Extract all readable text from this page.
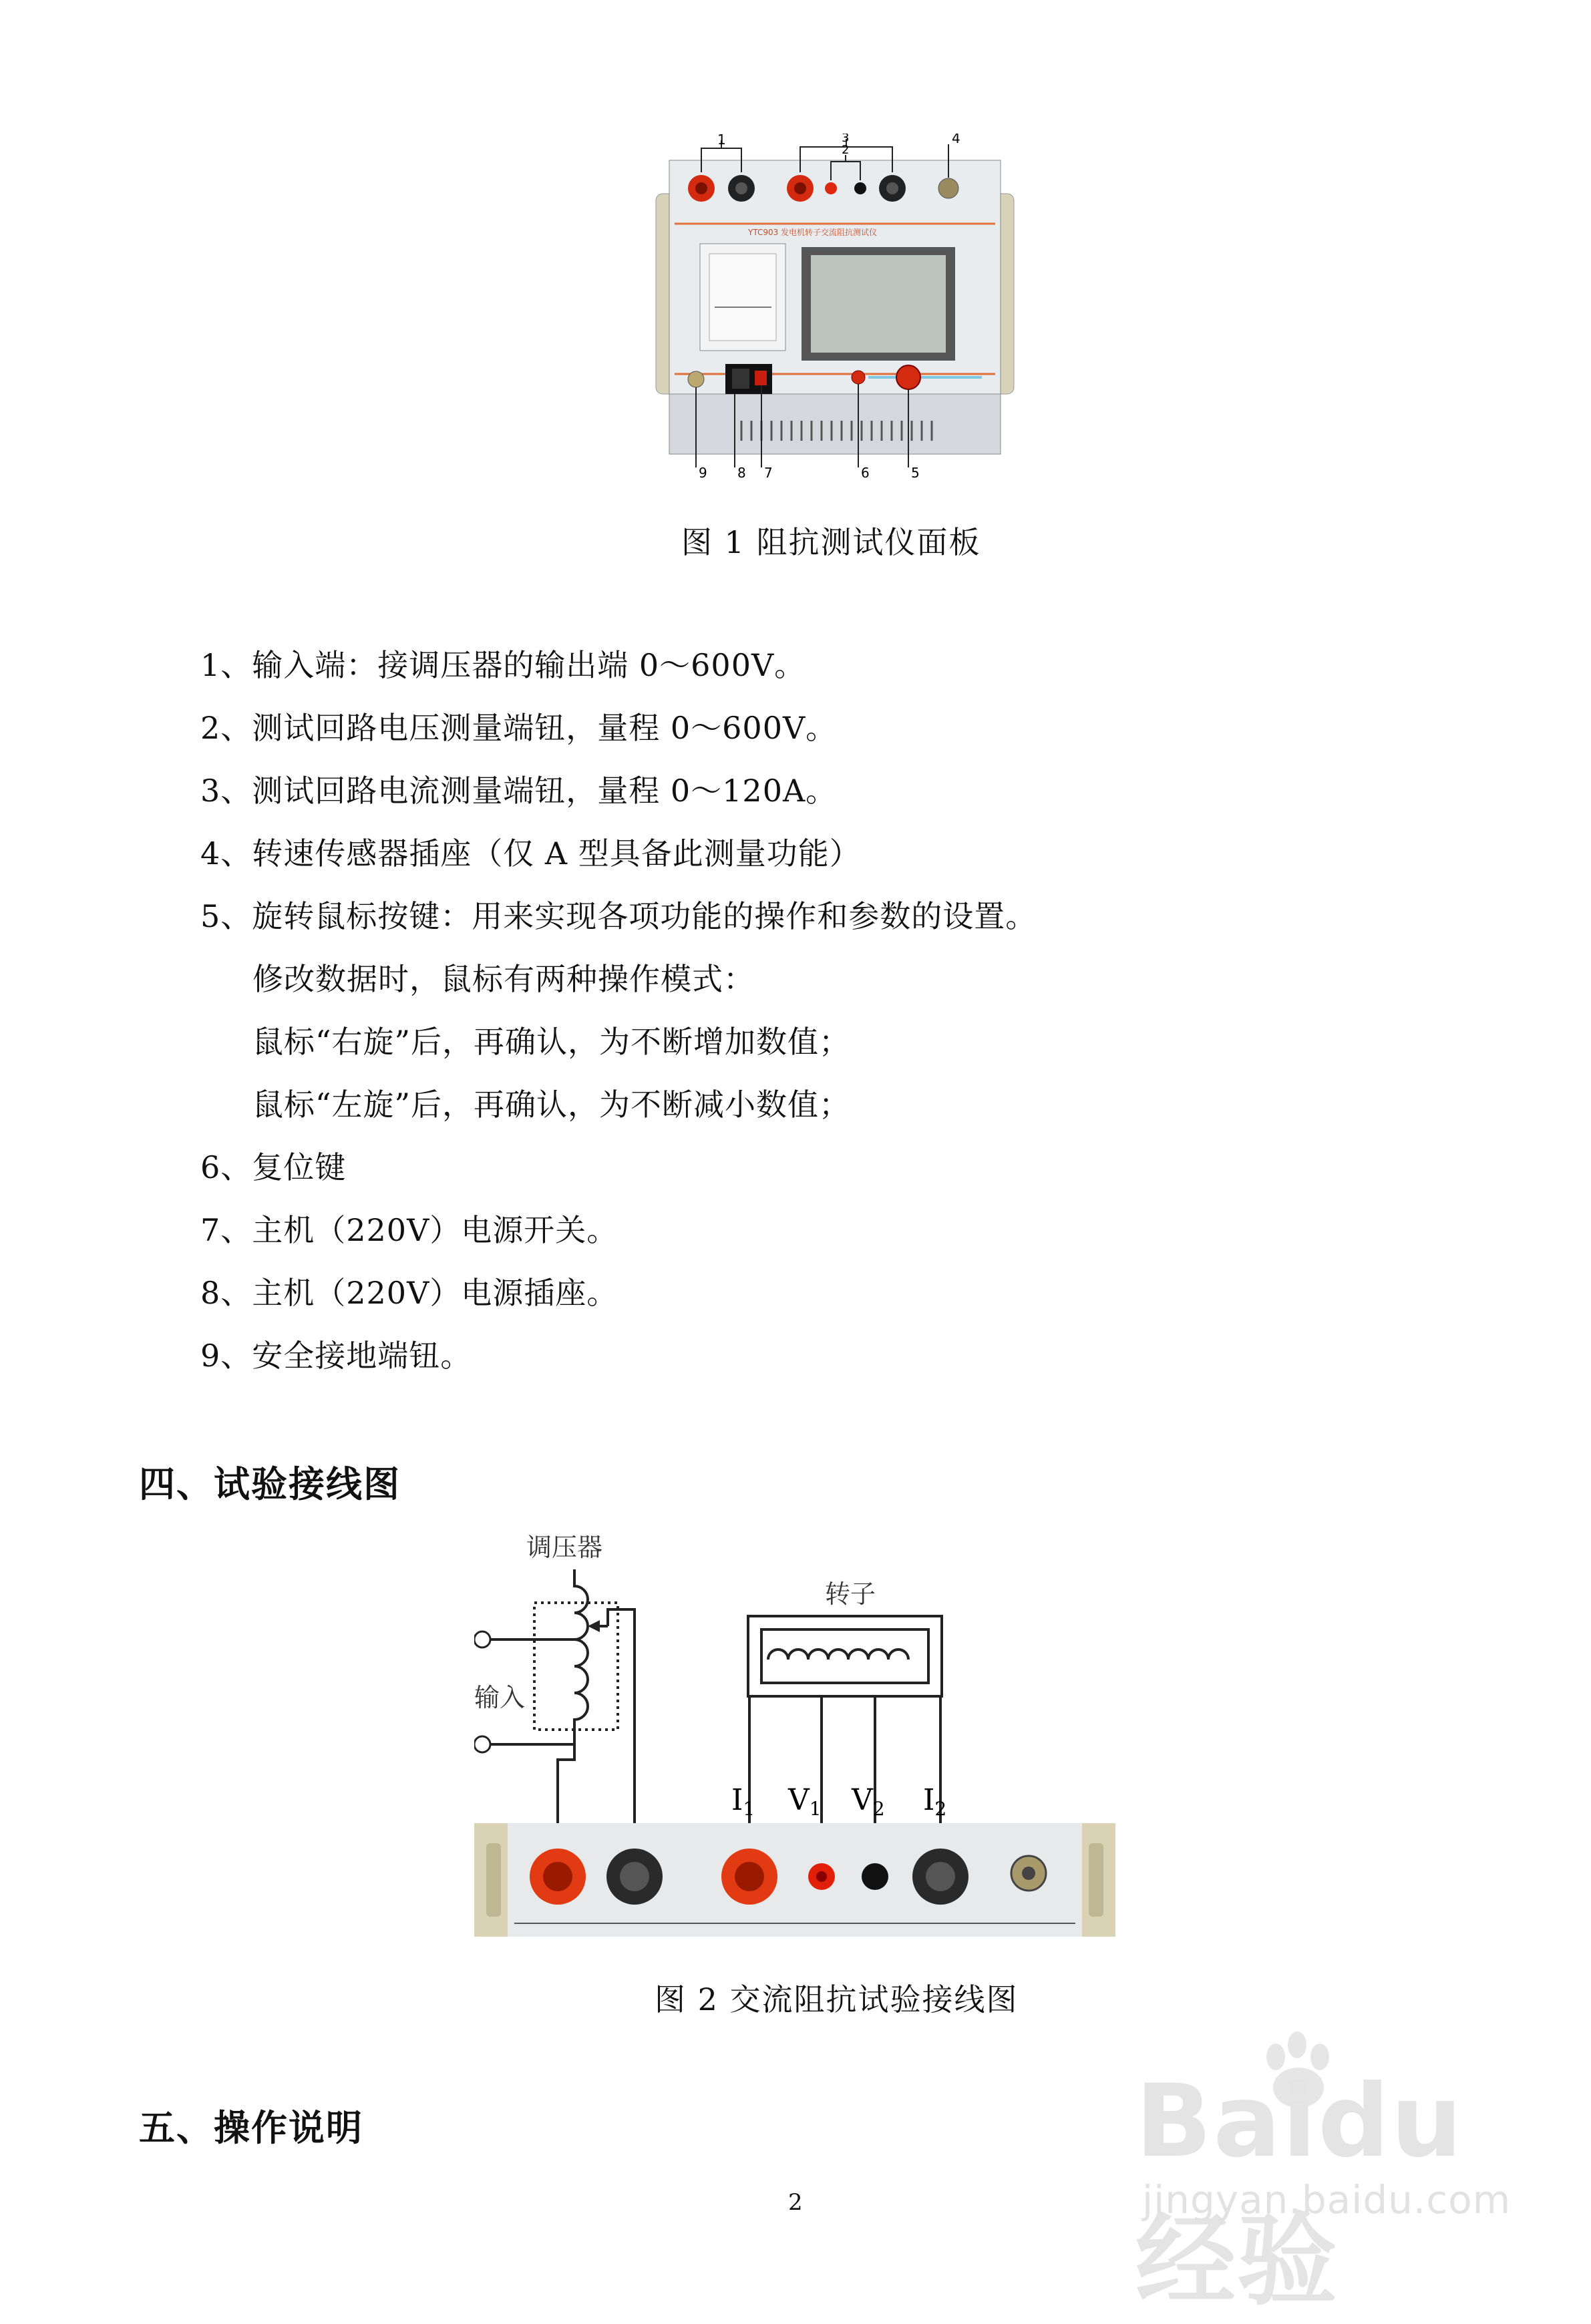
YTC903 发电机转子交流阻抗测试仪
1
2
3	4
9 8 7	6	5
图 1 阻抗测试仪面板
1、输入端：接调压器的输出端 0～600V。
2、测试回路电压测量端钮，量程 0～600V。
3、测试回路电流测量端钮，量程 0～120A。
4、转速传感器插座（仅 A 型具备此测量功能）
5、旋转鼠标按键：用来实现各项功能的操作和参数的设置。
修改数据时，鼠标有两种操作模式：
鼠标“右旋”后，再确认，为不断增加数值；
鼠标“左旋”后，再确认，为不断减小数值；
6、复位键
7、主机（220V）电源开关。
8、主机（220V）电源插座。
9、安全接地端钮。
四、试验接线图
调压器
输入
转子
I1 V1 V2 I2
图 2 交流阻抗试验接线图
五、操作说明
2
Baidu经验
jingyan.baidu.com
